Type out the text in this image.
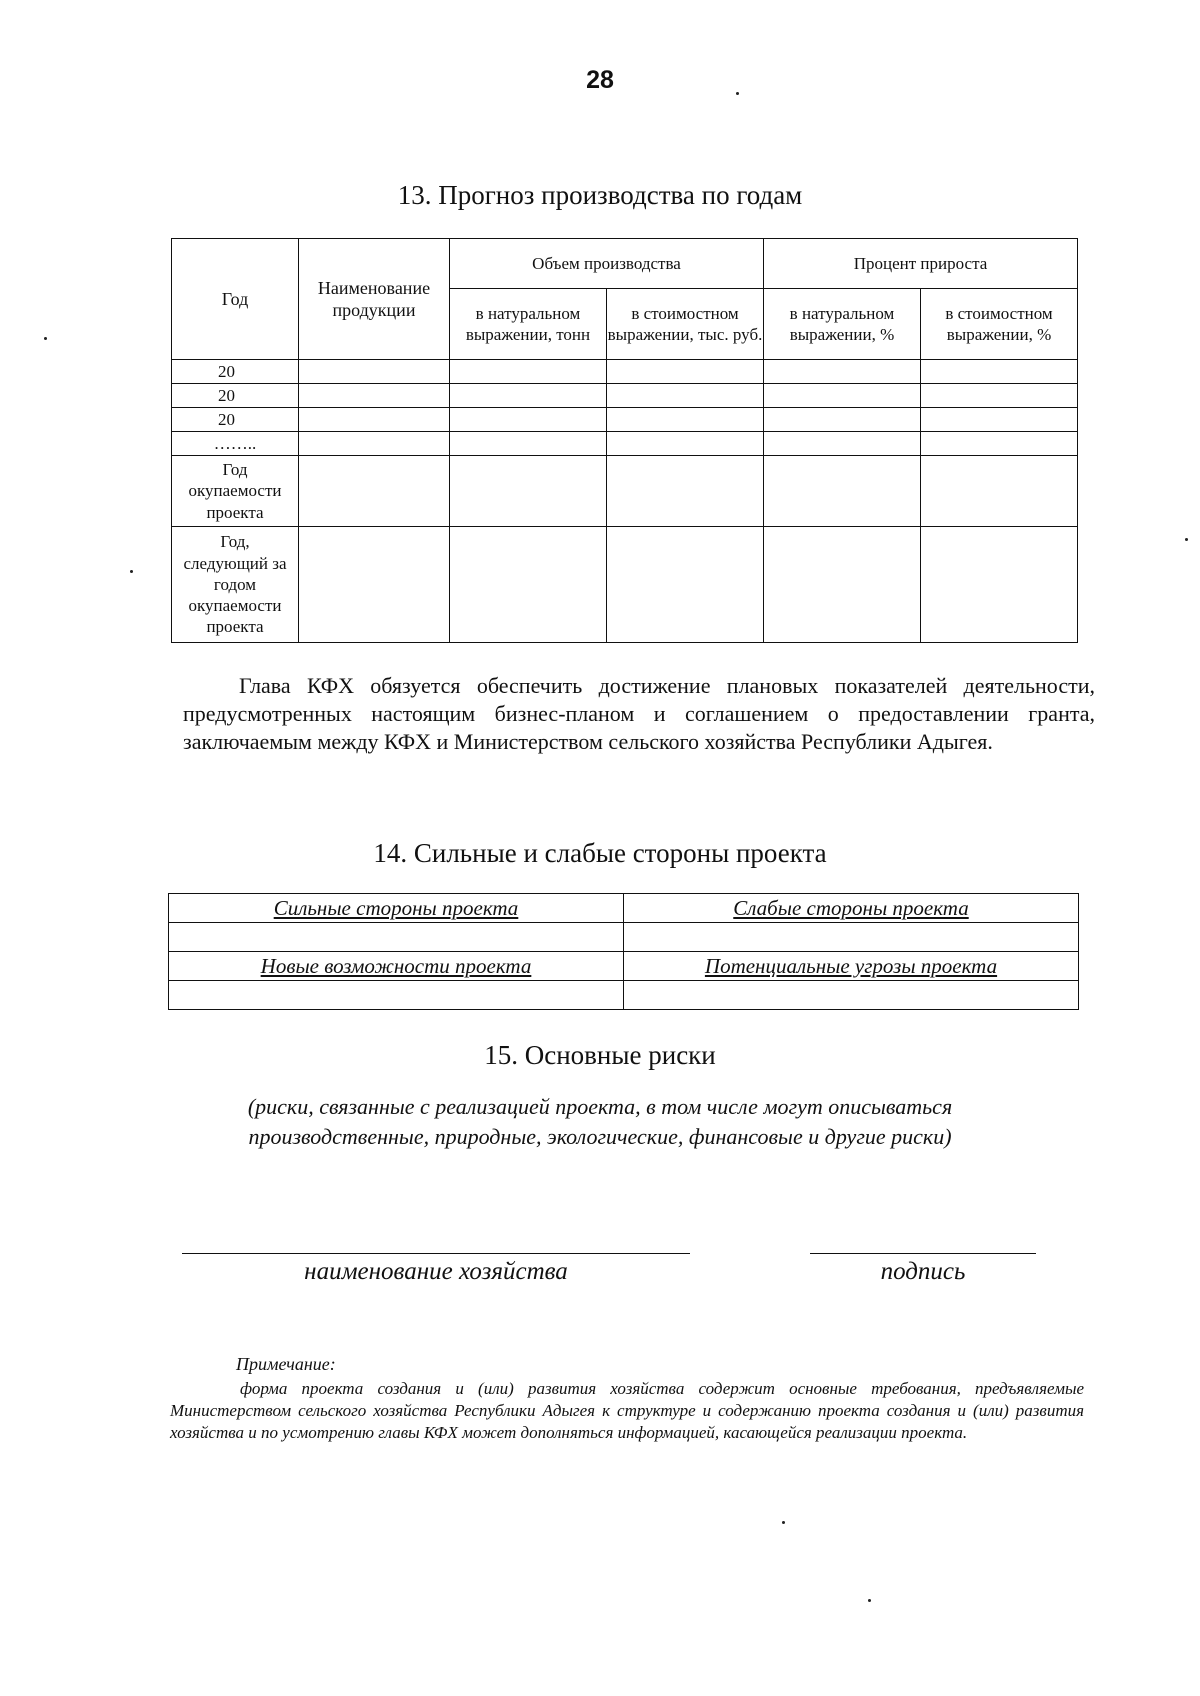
28
13. Прогноз производства по годам
Год	Наименование продукции	Объем производства		Процент прироста	
		в натуральном выражении, тонн	в стоимостном выражении, тыс. руб.	в натуральном выражении, %	в стоимостном выражении, %
20					
20					
20					
……..					
Год окупаемости проекта					
Год, следующий за годом окупаемости проекта					
Глава КФХ обязуется обеспечить достижение плановых показателей деятельности, предусмотренных настоящим бизнес-планом и соглашением о предоставлении гранта, заключаемым между КФХ и Министерством сельского хозяйства Республики Адыгея.
14. Сильные и слабые стороны проекта
Сильные стороны проекта	Слабые стороны проекта

Новые возможности проекта	Потенциальные угрозы проекта

15. Основные риски
(риски, связанные с реализацией проекта, в том числе могут описываться
производственные, природные, экологические, финансовые и другие риски)
наименование хозяйства	подпись
Примечание:
форма проекта создания и (или) развития хозяйства содержит основные требования, предъявляемые Министерством сельского хозяйства Республики Адыгея к структуре и содержанию проекта создания и (или) развития хозяйства и по усмотрению главы КФХ может дополняться информацией, касающейся реализации проекта.
